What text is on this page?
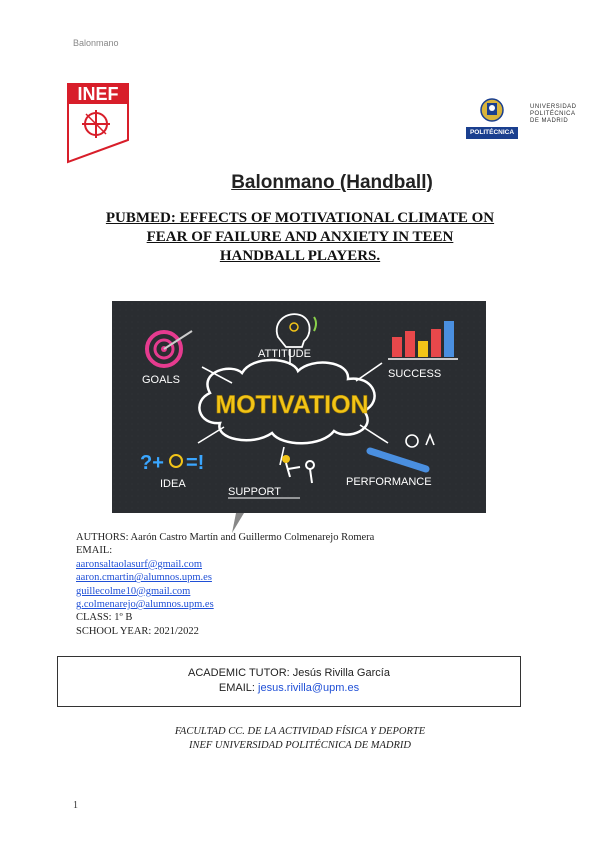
Balonmano
INEF
POLITÉCNICA
UNIVERSIDAD
POLITÉCNICA
DE MADRID
Balonmano (Handball)
PUBMED: EFFECTS OF MOTIVATIONAL CLIMATE ON
FEAR OF FAILURE AND ANXIETY IN TEEN
HANDBALL PLAYERS.
MOTIVATION
GOALS
ATTITUDE
SUCCESS
?+ =!
IDEA
SUPPORT
PERFORMANCE
AUTHORS: Aarón Castro Martín and Guillermo Colmenarejo Romera
EMAIL:
aaronsaltaolasurf@gmail.com
aaron.cmartin@alumnos.upm.es
guillecolme10@gmail.com
g.colmenarejo@alumnos.upm.es
CLASS: 1º B
SCHOOL YEAR: 2021/2022
ACADEMIC TUTOR: Jesús Rivilla García
EMAIL: jesus.rivilla@upm.es
FACULTAD CC. DE LA ACTIVIDAD FÍSICA Y DEPORTE
INEF UNIVERSIDAD POLITÉCNICA DE MADRID
1
